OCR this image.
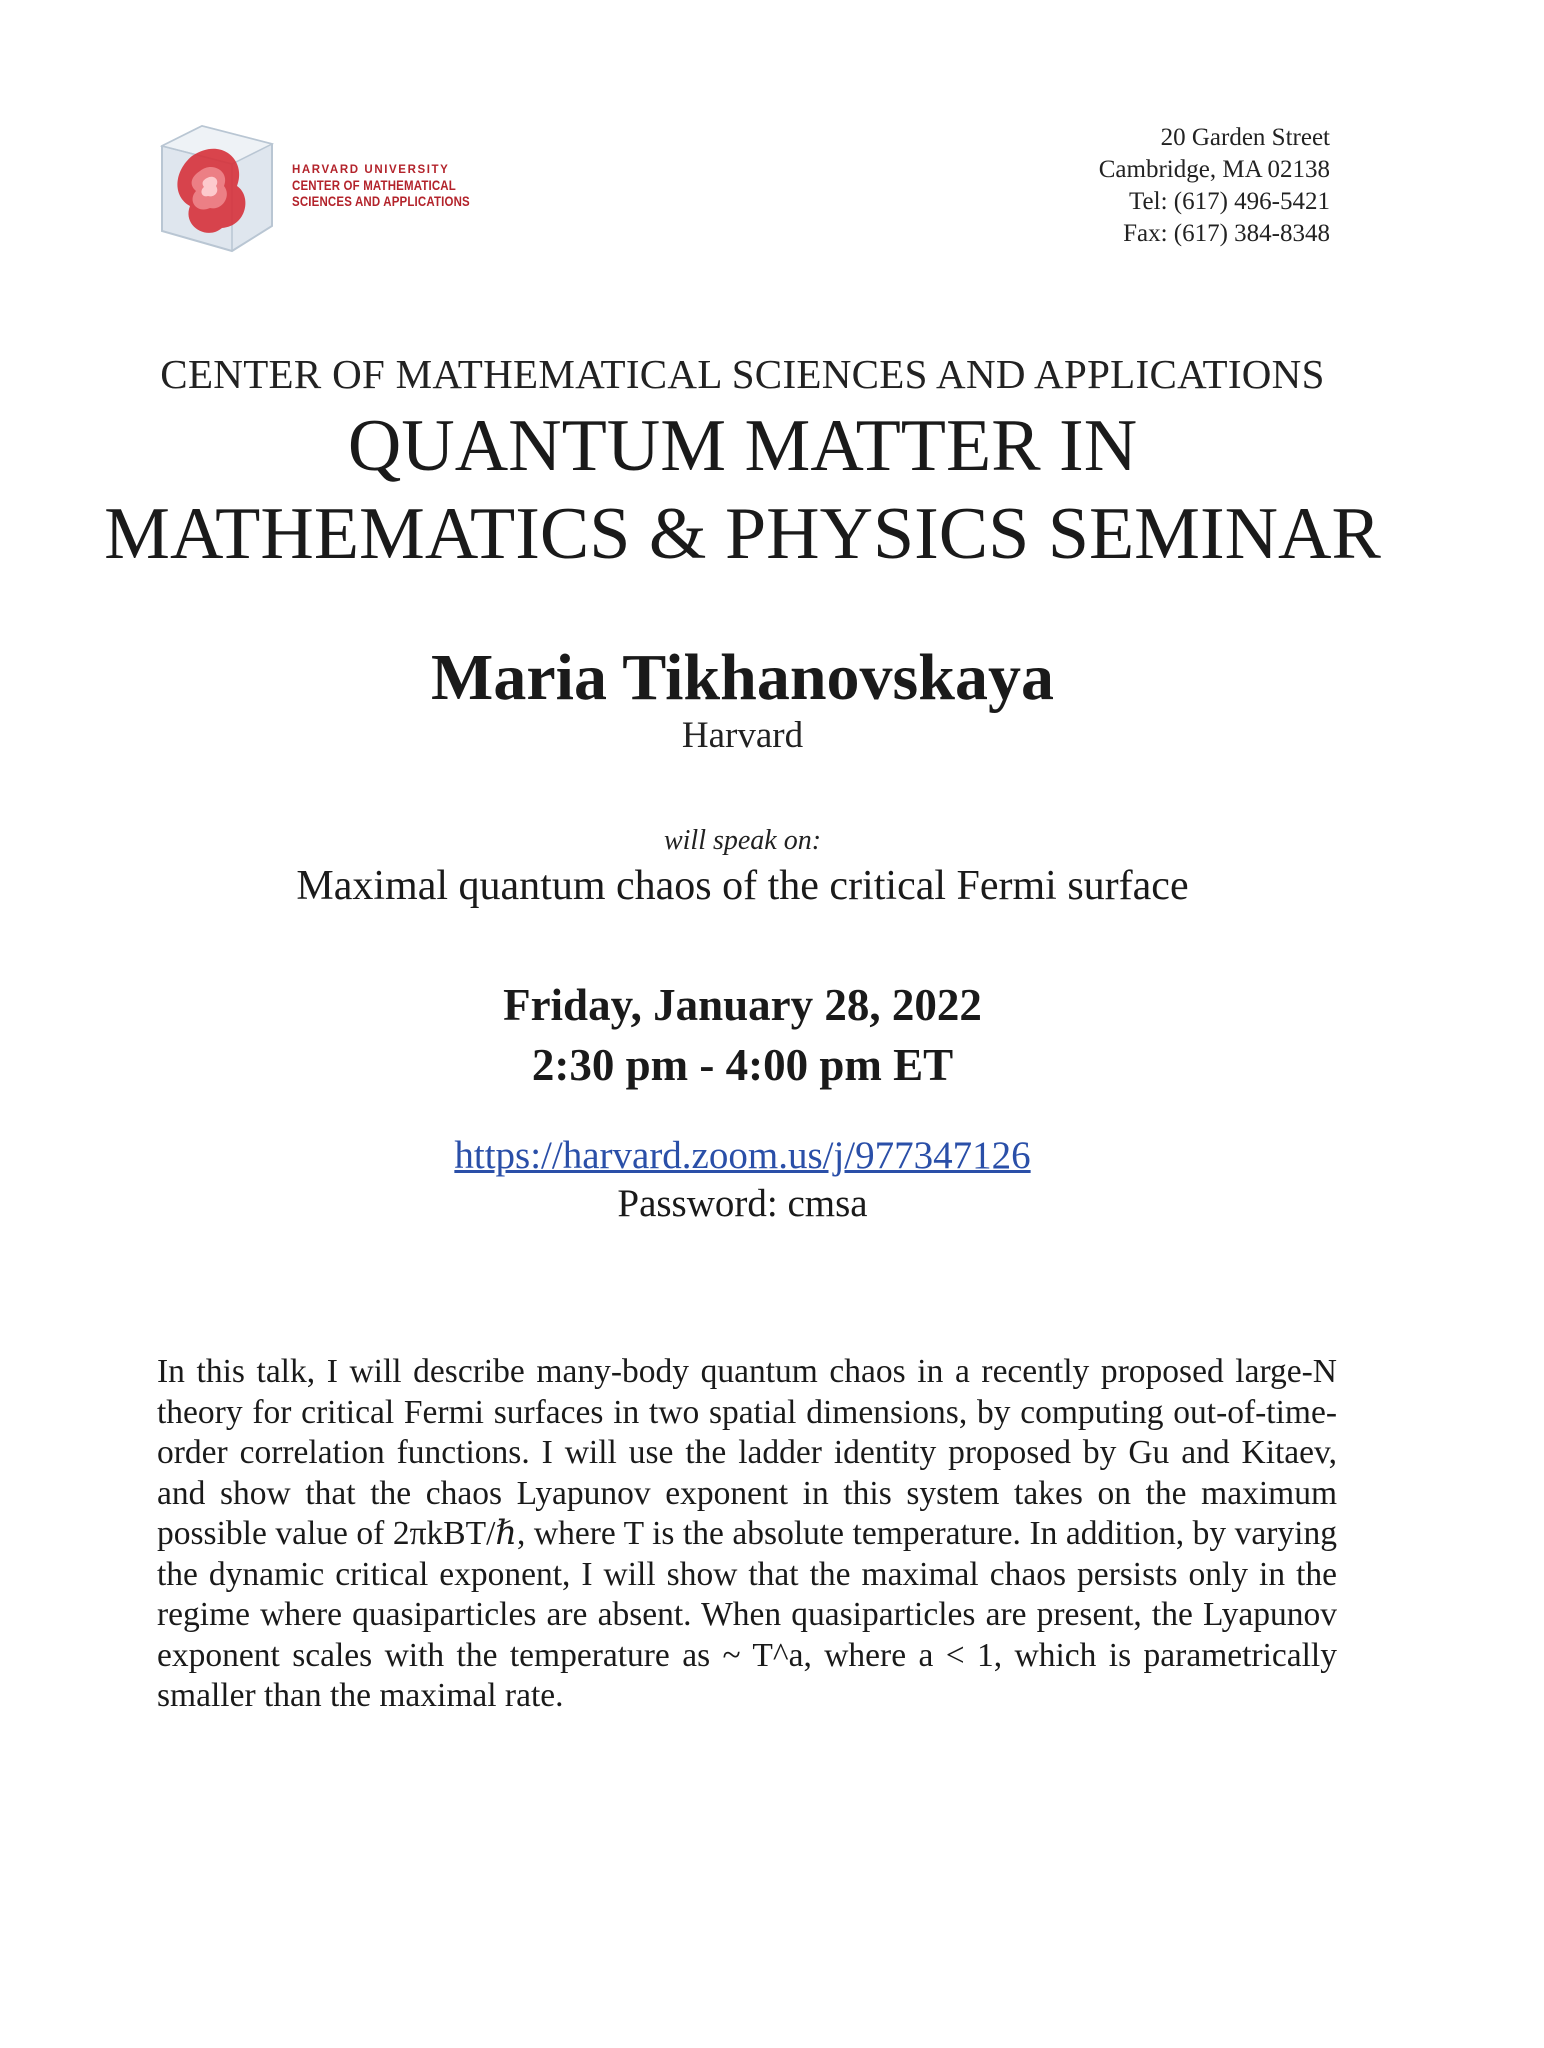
HARVARD UNIVERSITY
CENTER OF MATHEMATICAL
SCIENCES AND APPLICATIONS
20 Garden Street
Cambridge, MA 02138
Tel: (617) 496-5421
Fax: (617) 384-8348
CENTER OF MATHEMATICAL SCIENCES AND APPLICATIONS
QUANTUM MATTER IN
MATHEMATICS & PHYSICS SEMINAR
Maria Tikhanovskaya
Harvard
will speak on:
Maximal quantum chaos of the critical Fermi surface
Friday, January 28, 2022
2:30 pm - 4:00 pm ET
https://harvard.zoom.us/j/977347126
Password: cmsa
In this talk, I will describe many-body quantum chaos in a recently proposed large-N theory for critical Fermi surfaces in two spatial dimensions, by computing out-of-time-order correlation functions. I will use the ladder identity proposed by Gu and Kitaev, and show that the chaos Lyapunov exponent in this system takes on the maximum possible value of 2πkBT/ℏ, where T is the absolute temperature. In addition, by varying the dynamic critical exponent, I will show that the maximal chaos persists only in the regime where quasiparticles are absent. When quasiparticles are present, the Lyapunov exponent scales with the temperature as ~ T^a, where a < 1, which is parametrically smaller than the maximal rate.
